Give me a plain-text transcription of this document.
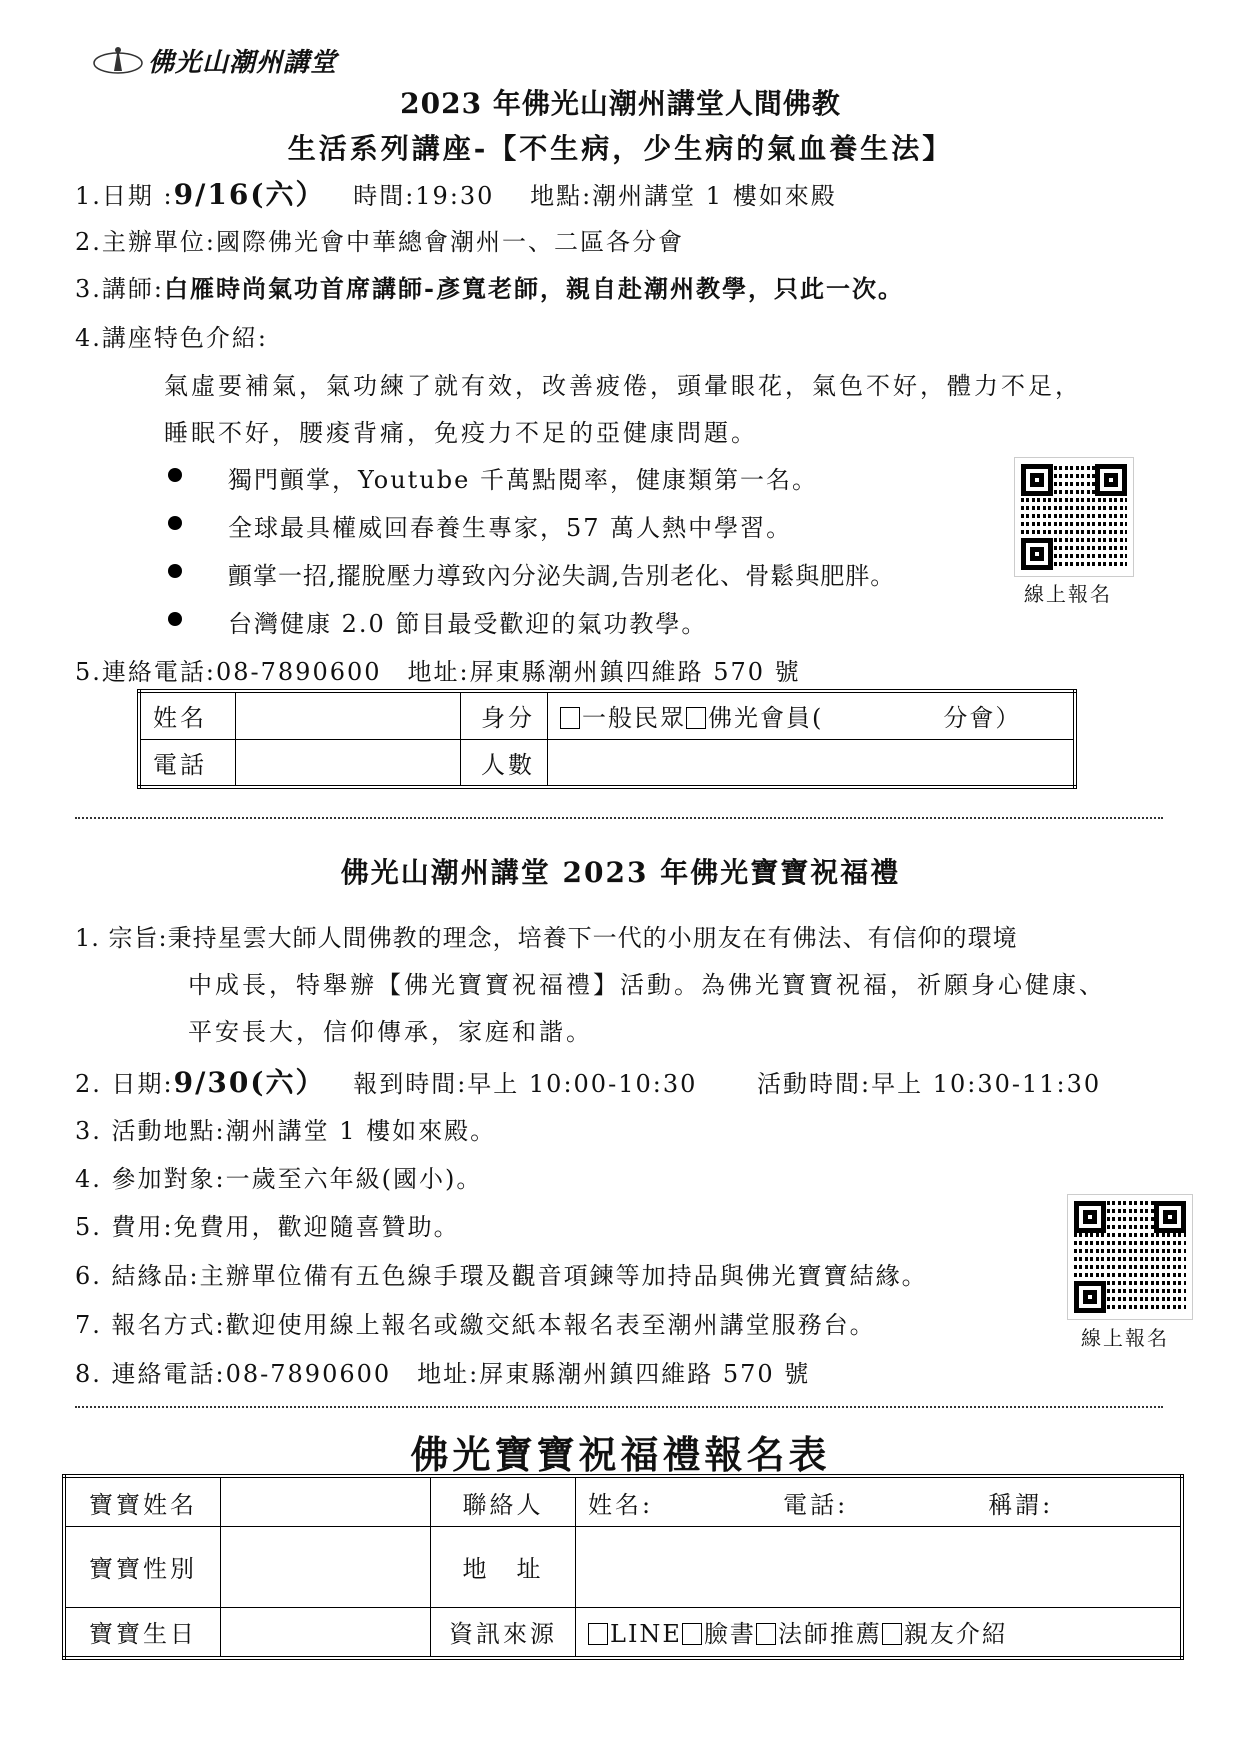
佛光山潮州講堂
2023 年佛光山潮州講堂人間佛教
生活系列講座-【不生病，少生病的氣血養生法】
1.日期 :9/16(六） 時間:19:30　 地點:潮州講堂 1 樓如來殿
2.主辦單位:國際佛光會中華總會潮州一、二區各分會
3.講師:白雁時尚氣功首席講師-彥寬老師，親自赴潮州教學，只此一次。
4.講座特色介紹:
氣虛要補氣，氣功練了就有效，改善疲倦，頭暈眼花，氣色不好，體力不足，
睡眠不好，腰痠背痛，免疫力不足的亞健康問題。
獨門顫掌，Youtube 千萬點閱率，健康類第一名。
全球最具權威回春養生專家，57 萬人熱中學習。
顫掌一招,擺脫壓力導致內分泌失調,告別老化、骨鬆與肥胖。
台灣健康 2.0 節目最受歡迎的氣功教學。
線上報名
5.連絡電話:08-7890600　地址:屏東縣潮州鎮四維路 570 號
姓名		身分	一般民眾 佛光會員( 分會）
電話		人數	
佛光山潮州講堂 2023 年佛光寶寶祝福禮
1. 宗旨:秉持星雲大師人間佛教的理念，培養下一代的小朋友在有佛法、有信仰的環境
中成長，特舉辦【佛光寶寶祝福禮】活動。為佛光寶寶祝福，祈願身心健康、
平安長大，信仰傳承，家庭和諧。
2. 日期:9/30(六） 報到時間:早上 10:00-10:30 活動時間:早上 10:30-11:30
3. 活動地點:潮州講堂 1 樓如來殿。
4. 參加對象:一歲至六年級(國小)。
5. 費用:免費用，歡迎隨喜贊助。
6. 結緣品:主辦單位備有五色線手環及觀音項鍊等加持品與佛光寶寶結緣。
7. 報名方式:歡迎使用線上報名或繳交紙本報名表至潮州講堂服務台。
8. 連絡電話:08-7890600　地址:屏東縣潮州鎮四維路 570 號
線上報名
佛光寶寶祝福禮報名表
寶寶姓名		聯絡人	姓名: 電話: 稱謂:
寶寶性別		地　址	
寶寶生日		資訊來源	LINE 臉書 法師推薦 親友介紹
